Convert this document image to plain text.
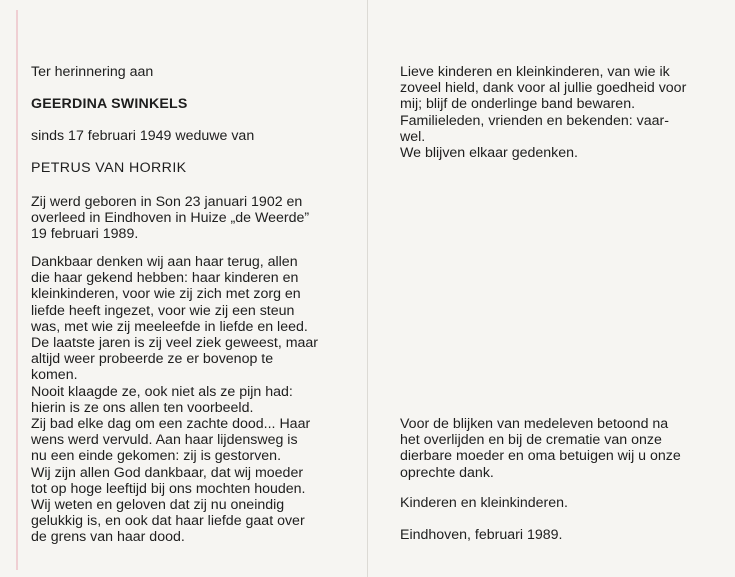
Ter herinnering aan
GEERDINA SWINKELS
sinds 17 februari 1949 weduwe van
PETRUS VAN HORRIK

Zij werd geboren in Son 23 januari 1902 en

overleed in Eindhoven in Huize „de Weerde”

19 februari 1989.

Dankbaar denken wij aan haar terug, allen

die haar gekend hebben: haar kinderen en

kleinkinderen, voor wie zij zich met zorg en

liefde heeft ingezet, voor wie zij een steun

was, met wie zij meeleefde in liefde en leed.

De laatste jaren is zij veel ziek geweest, maar

altijd weer probeerde ze er bovenop te

komen.

Nooit klaagde ze, ook niet als ze pijn had:

hierin is ze ons allen ten voorbeeld.

Zij bad elke dag om een zachte dood... Haar

wens werd vervuld. Aan haar lijdensweg is

nu een einde gekomen: zij is gestorven.

Wij zijn allen God dankbaar, dat wij moeder

tot op hoge leeftijd bij ons mochten houden.

Wij weten en geloven dat zij nu oneindig

gelukkig is, en ook dat haar liefde gaat over

de grens van haar dood.

Lieve kinderen en kleinkinderen, van wie ik

zoveel hield, dank voor al jullie goedheid voor

mij; blijf de onderlinge band bewaren.

Familieleden, vrienden en bekenden: vaar-

wel.

We blijven elkaar gedenken.

Voor de blijken van medeleven betoond na

het overlijden en bij de crematie van onze

dierbare moeder en oma betuigen wij u onze

oprechte dank.

Kinderen en kleinkinderen.
Eindhoven, februari 1989.
